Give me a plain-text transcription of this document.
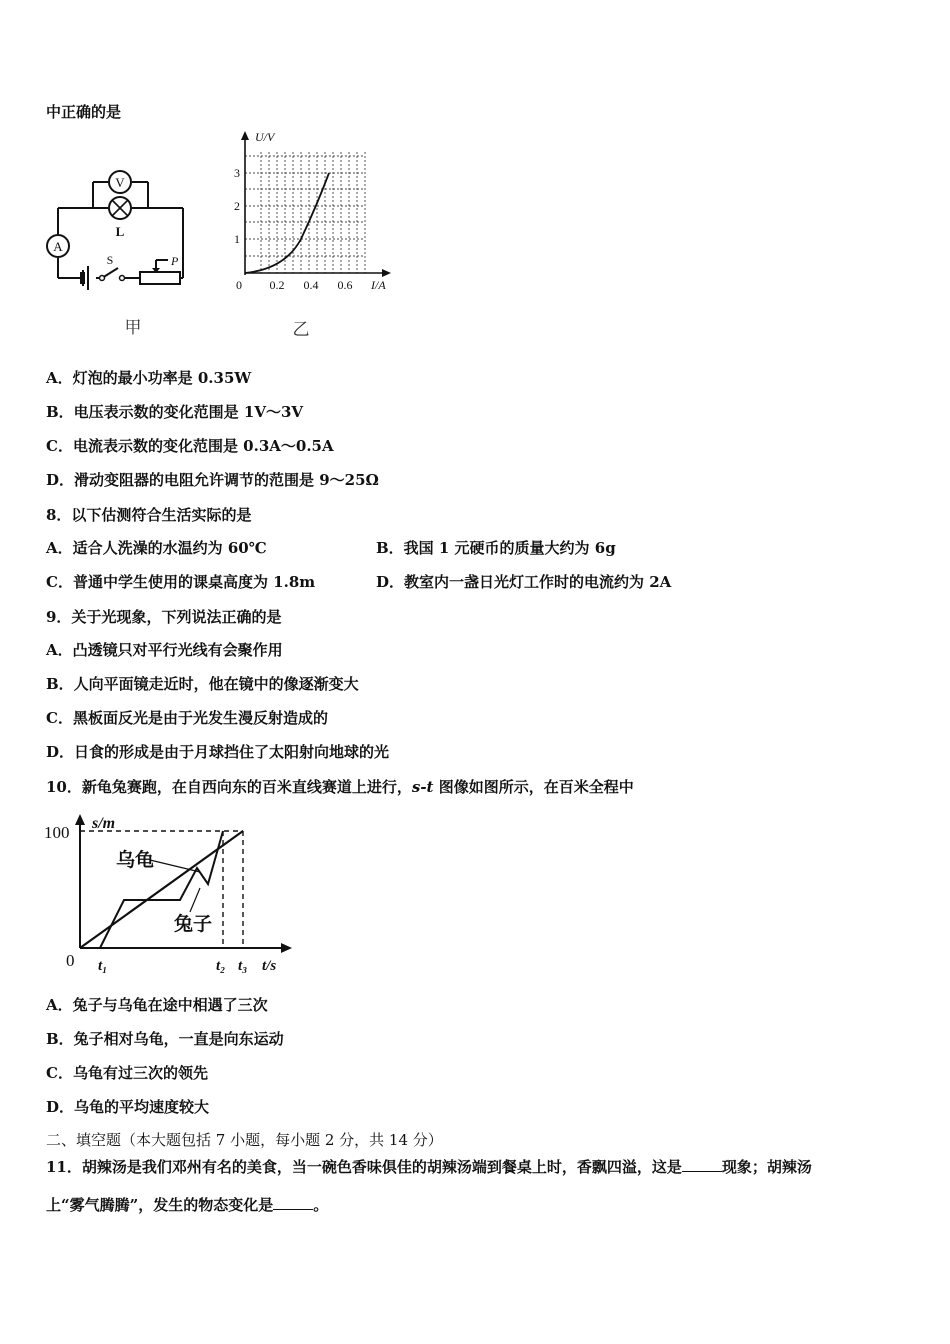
中正确的是

V
A
L
S	P
甲
U/V
I/A
0 0.2 0.4 0.6
1
2
3
乙

A．灯泡的最小功率是 0.35W

B．电压表示数的变化范围是 1V～3V

C．电流表示数的变化范围是 0.3A～0.5A

D．滑动变阻器的电阻允许调节的范围是 9～25Ω

8．以下估测符合生活实际的是

A．适合人洗澡的水温约为 60℃	B．我国 1 元硬币的质量大约为 6g

C．普通中学生使用的课桌高度为 1.8m	D．教室内一盏日光灯工作时的电流约为 2A

9．关于光现象，下列说法正确的是

A．凸透镜只对平行光线有会聚作用

B．人向平面镜走近时，他在镜中的像逐渐变大

C．黑板面反光是由于光发生漫反射造成的

D．日食的形成是由于月球挡住了太阳射向地球的光

10．新龟兔赛跑，在自西向东的百米直线赛道上进行，s-t 图像如图所示，在百米全程中

s/m
100
0 t₁	t₂ t₃ t/s
乌龟
兔子

A．兔子与乌龟在途中相遇了三次

B．兔子相对乌龟，一直是向东运动

C．乌龟有过三次的领先

D．乌龟的平均速度较大

二、填空题（本大题包括 7 小题，每小题 2 分，共 14 分）

11．胡辣汤是我们邓州有名的美食，当一碗色香味俱佳的胡辣汤端到餐桌上时，香飘四溢，这是	现象；胡辣汤

上“雾气腾腾”，发生的物态变化是	。
